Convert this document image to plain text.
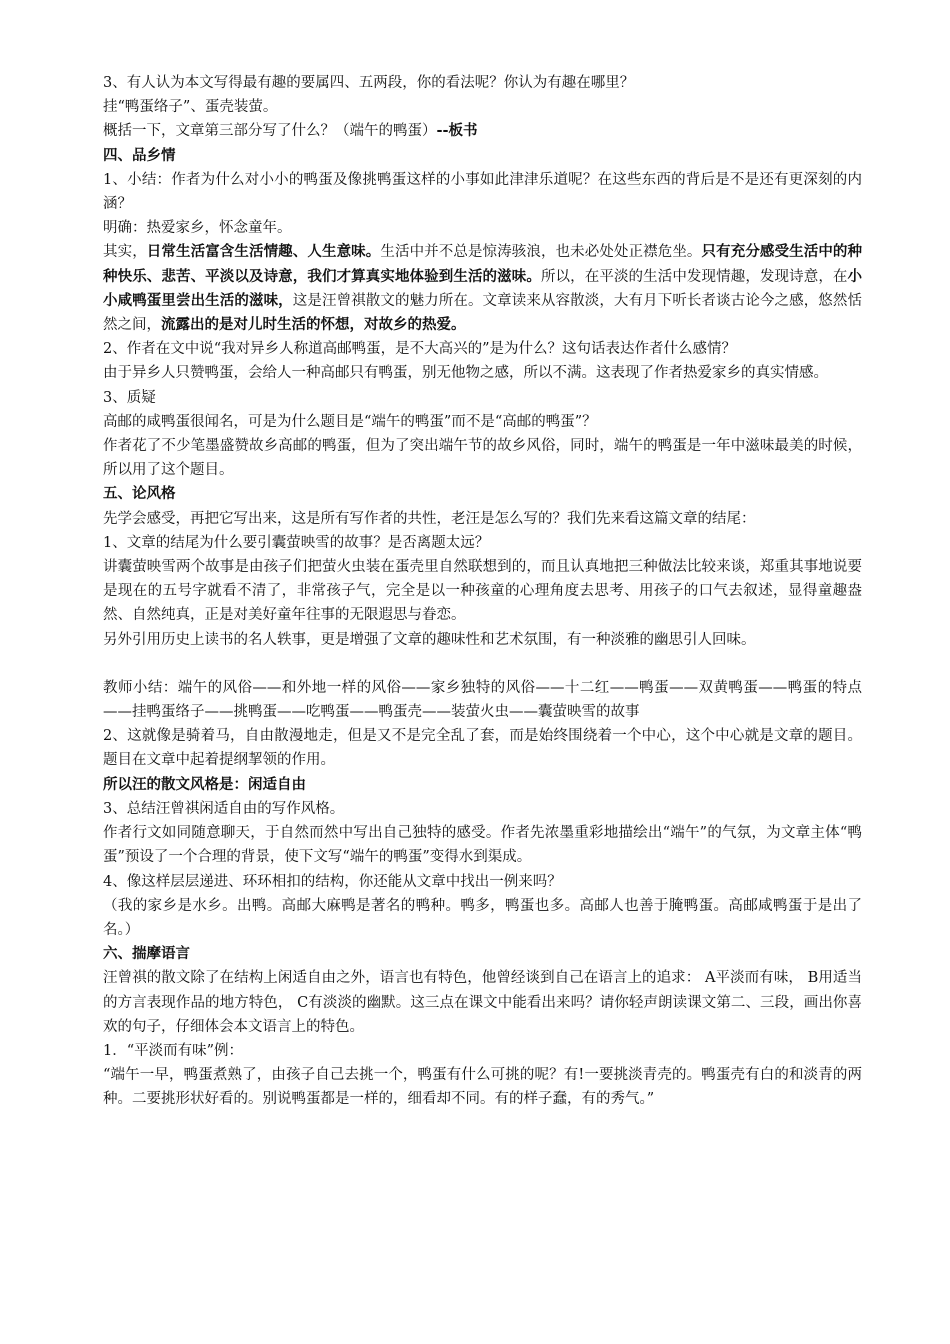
3、有人认为本文写得最有趣的要属四、五两段，你的看法呢？你认为有趣在哪里？

挂“鸭蛋络子”、蛋壳装萤。

概括一下，文章第三部分写了什么？（端午的鸭蛋）--板书

四、品乡情

1、小结：作者为什么对小小的鸭蛋及像挑鸭蛋这样的小事如此津津乐道呢？在这些东西的背后是不是还有更深刻的内涵？

明确：热爱家乡，怀念童年。

其实，日常生活富含生活情趣、人生意味。生活中并不总是惊涛骇浪，也未必处处正襟危坐。只有充分感受生活中的种种快乐、悲苦、平淡以及诗意，我们才算真实地体验到生活的滋味。所以，在平淡的生活中发现情趣，发现诗意，在小小咸鸭蛋里尝出生活的滋味，这是汪曾祺散文的魅力所在。文章读来从容散淡，大有月下听长者谈古论今之感，悠然恬然之间，流露出的是对儿时生活的怀想，对故乡的热爱。

2、作者在文中说“我对异乡人称道高邮鸭蛋，是不大高兴的”是为什么？这句话表达作者什么感情？

由于异乡人只赞鸭蛋，会给人一种高邮只有鸭蛋，别无他物之感，所以不满。这表现了作者热爱家乡的真实情感。

3、质疑

高邮的咸鸭蛋很闻名，可是为什么题目是“端午的鸭蛋”而不是“高邮的鸭蛋”？

作者花了不少笔墨盛赞故乡高邮的鸭蛋，但为了突出端午节的故乡风俗，同时，端午的鸭蛋是一年中滋味最美的时候，所以用了这个题目。

五、论风格

先学会感受，再把它写出来，这是所有写作者的共性，老汪是怎么写的？我们先来看这篇文章的结尾：

1、文章的结尾为什么要引囊萤映雪的故事？是否离题太远？

讲囊萤映雪两个故事是由孩子们把萤火虫装在蛋壳里自然联想到的，而且认真地把三种做法比较来谈，郑重其事地说要是现在的五号字就看不清了，非常孩子气，完全是以一种孩童的心理角度去思考、用孩子的口气去叙述，显得童趣盎然、自然纯真，正是对美好童年往事的无限遐思与眷恋。

另外引用历史上读书的名人轶事，更是增强了文章的趣味性和艺术氛围，有一种淡雅的幽思引人回味。

教师小结：端午的风俗——和外地一样的风俗——家乡独特的风俗——十二红——鸭蛋——双黄鸭蛋——鸭蛋的特点——挂鸭蛋络子——挑鸭蛋——吃鸭蛋——鸭蛋壳——装萤火虫——囊萤映雪的故事

2、这就像是骑着马，自由散漫地走，但是又不是完全乱了套，而是始终围绕着一个中心，这个中心就是文章的题目。题目在文章中起着提纲挈领的作用。

所以汪的散文风格是：闲适自由

3、总结汪曾祺闲适自由的写作风格。

作者行文如同随意聊天，于自然而然中写出自己独特的感受。作者先浓墨重彩地描绘出“端午”的气氛，为文章主体“鸭蛋”预设了一个合理的背景，使下文写“端午的鸭蛋”变得水到渠成。

4、像这样层层递进、环环相扣的结构，你还能从文章中找出一例来吗？

（我的家乡是水乡。出鸭。高邮大麻鸭是著名的鸭种。鸭多，鸭蛋也多。高邮人也善于腌鸭蛋。高邮咸鸭蛋于是出了名。）

六、揣摩语言

汪曾祺的散文除了在结构上闲适自由之外，语言也有特色，他曾经谈到自己在语言上的追求： A平淡而有味， B用适当的方言表现作品的地方特色， C有淡淡的幽默。这三点在课文中能看出来吗？请你轻声朗读课文第二、三段，画出你喜欢的句子，仔细体会本文语言上的特色。

1．“平淡而有味”例：

“端午一早，鸭蛋煮熟了，由孩子自己去挑一个，鸭蛋有什么可挑的呢？有!一要挑淡青壳的。鸭蛋壳有白的和淡青的两种。二要挑形状好看的。别说鸭蛋都是一样的，细看却不同。有的样子蠢，有的秀气。”
